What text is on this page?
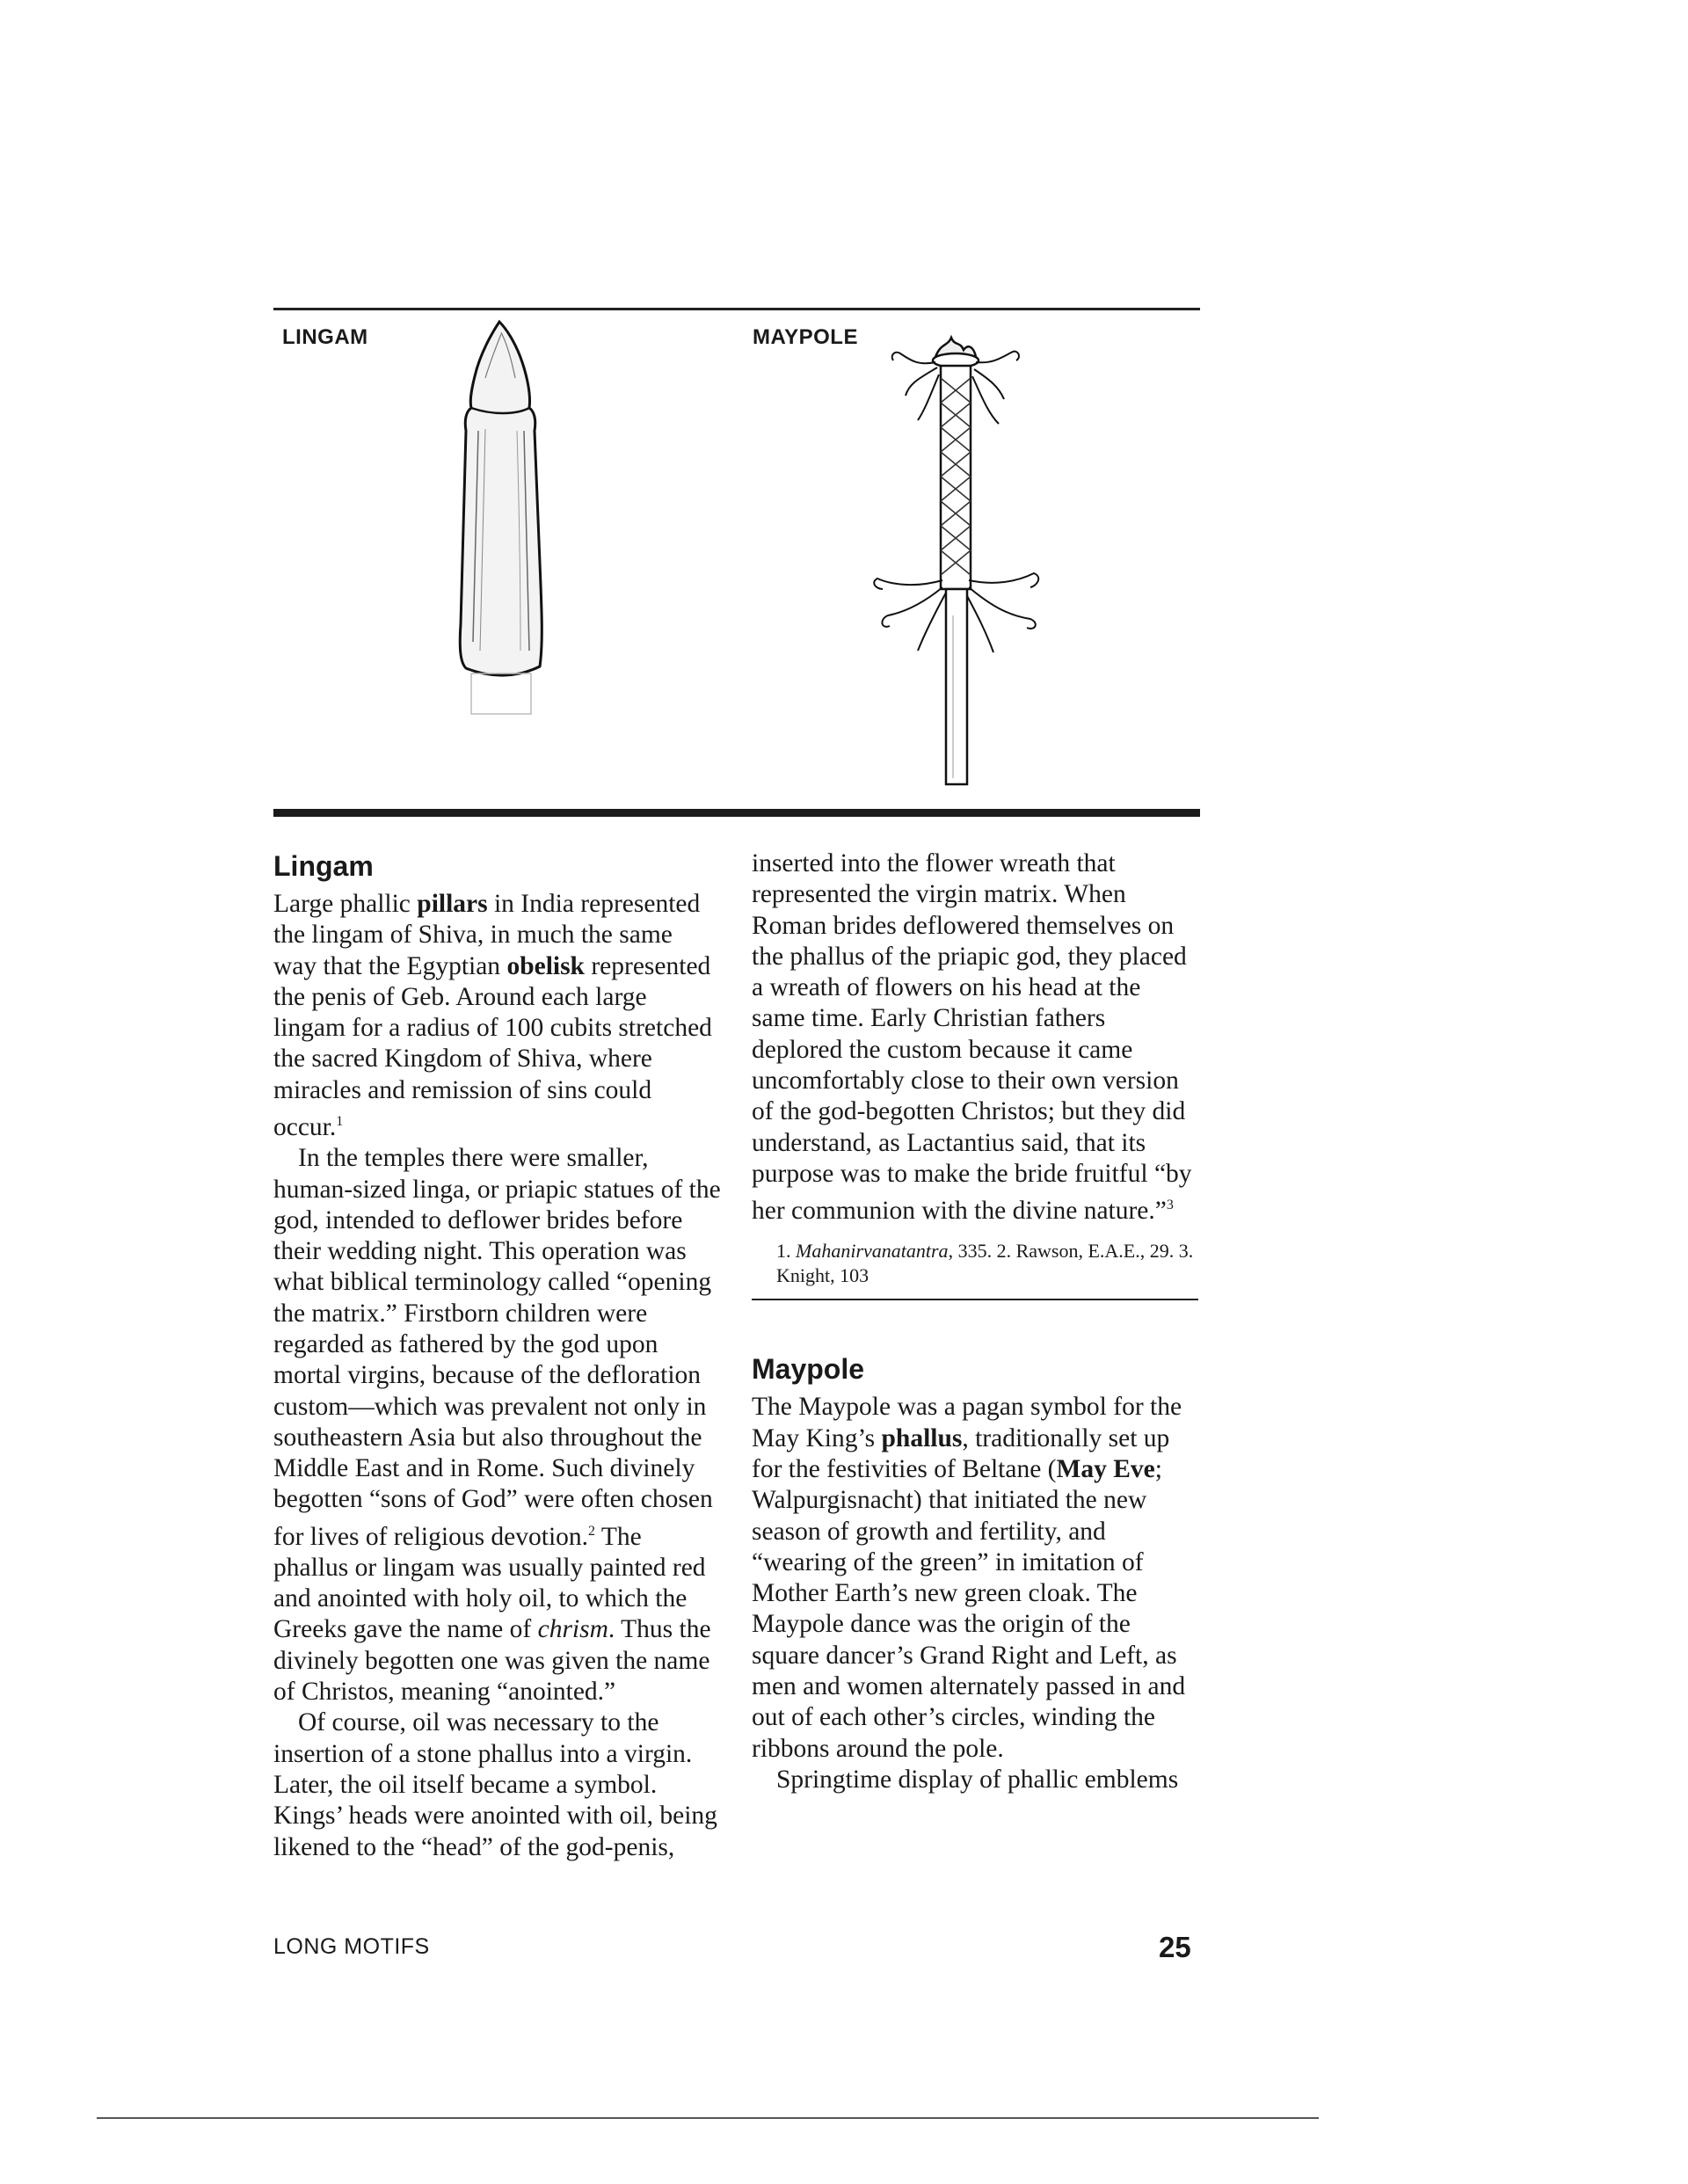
LINGAM	MAYPOLE
Lingam

Large phallic pillars in India represented the lingam of Shiva, in much the same way that the Egyptian obelisk represented the penis of Geb. Around each large lingam for a radius of 100 cubits stretched the sacred Kingdom of Shiva, where miracles and remission of sins could occur.$^1$

In the temples there were smaller, human-sized linga, or priapic statues of the god, intended to deflower brides before their wedding night. This operation was what biblical terminology called “opening the matrix.” Firstborn children were regarded as fathered by the god upon mortal virgins, because of the defloration custom—which was prevalent not only in southeastern Asia but also throughout the Middle East and in Rome. Such divinely begotten “sons of God” were often chosen for lives of religious devotion.$^2$ The phallus or lingam was usually painted red and anointed with holy oil, to which the Greeks gave the name of chrism. Thus the divinely begotten one was given the name of Christos, meaning “anointed.”

Of course, oil was necessary to the insertion of a stone phallus into a virgin. Later, the oil itself became a symbol. Kings’ heads were anointed with oil, being likened to the “head” of the god-penis,

inserted into the flower wreath that represented the virgin matrix. When Roman brides deflowered themselves on the phallus of the priapic god, they placed a wreath of flowers on his head at the same time. Early Christian fathers deplored the custom because it came uncomfortably close to their own version of the god-begotten Christos; but they did understand, as Lactantius said, that its purpose was to make the bride fruitful “by her communion with the divine nature.”$^3$

1. Mahanirvanatantra, 335. 2. Rawson, E.A.E., 29. 3. Knight, 103
Maypole

The Maypole was a pagan symbol for the May King’s phallus, traditionally set up for the festivities of Beltane (May Eve; Walpurgisnacht) that initiated the new season of growth and fertility, and “wearing of the green” in imitation of Mother Earth’s new green cloak. The Maypole dance was the origin of the square dancer’s Grand Right and Left, as men and women alternately passed in and out of each other’s circles, winding the ribbons around the pole.

Springtime display of phallic emblems

LONG MOTIFS	25
